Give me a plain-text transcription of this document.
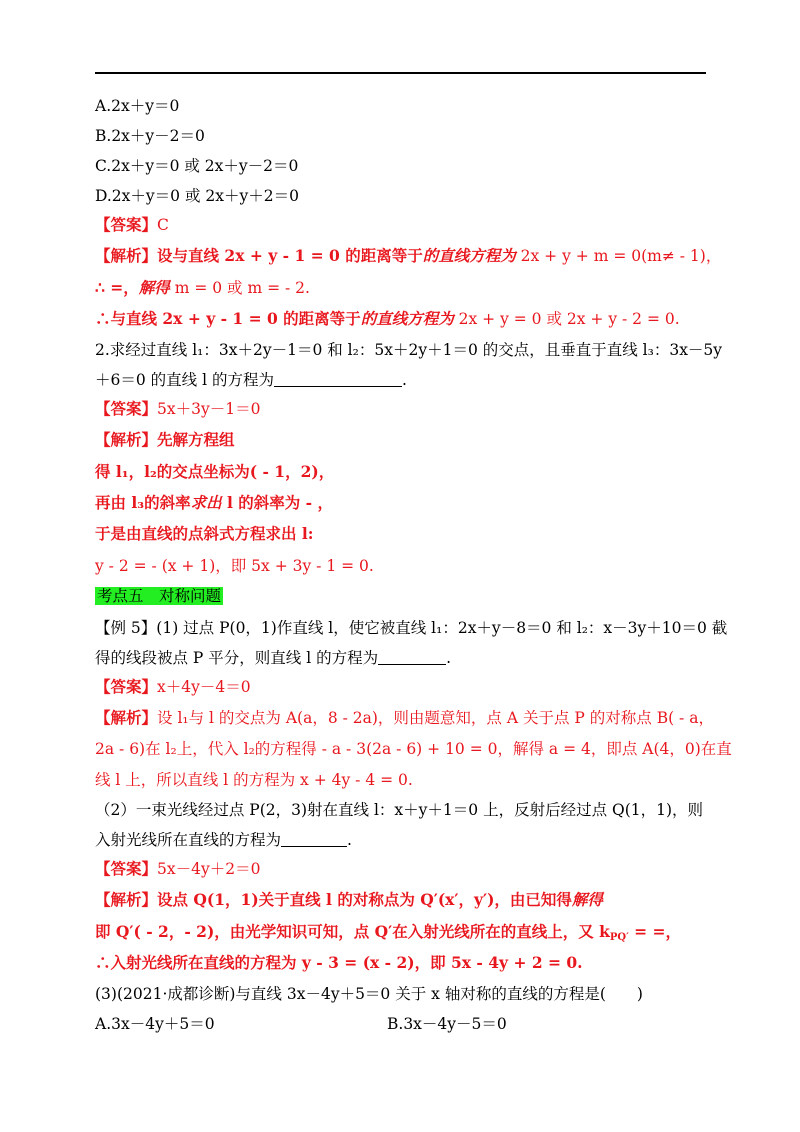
A.2x＋y＝0
B.2x＋y－2＝0
C.2x＋y＝0 或 2x＋y－2＝0
D.2x＋y＝0 或 2x＋y＋2＝0
【答案】C
【解析】设与直线 2x + y - 1 = 0 的距离等于的直线方程为 2x + y + m = 0(m≠ - 1)，
∴ =，解得 m = 0 或 m = - 2.
∴与直线 2x + y - 1 = 0 的距离等于的直线方程为 2x + y = 0 或 2x + y - 2 = 0.
2.求经过直线 l₁：3x＋2y－1＝0 和 l₂：5x＋2y＋1＝0 的交点，且垂直于直线 l₃：3x－5y
＋6＝0 的直线 l 的方程为	.
【答案】5x＋3y－1＝0
【解析】先解方程组
得 l₁，l₂的交点坐标为( - 1，2)，
再由 l₃的斜率求出 l 的斜率为 - ，
于是由直线的点斜式方程求出 l:
y - 2 = - (x + 1)，即 5x + 3y - 1 = 0.
考点五　对称问题
【例 5】(1) 过点 P(0，1)作直线 l，使它被直线 l₁：2x＋y－8＝0 和 l₂：x－3y＋10＝0 截
得的线段被点 P 平分，则直线 l 的方程为	.
【答案】x＋4y－4＝0
【解析】设 l₁与 l 的交点为 A(a，8 - 2a)，则由题意知，点 A 关于点 P 的对称点 B( - a，
2a - 6)在 l₂上，代入 l₂的方程得 - a - 3(2a - 6) + 10 = 0，解得 a = 4，即点 A(4，0)在直
线 l 上，所以直线 l 的方程为 x + 4y - 4 = 0.
（2）一束光线经过点 P(2，3)射在直线 l：x＋y＋1＝0 上，反射后经过点 Q(1，1)，则
入射光线所在直线的方程为	.
【答案】5x－4y＋2＝0
【解析】设点 Q(1，1)关于直线 l 的对称点为 Q′(x′，y′)，由已知得解得
即 Q′( - 2，- 2)，由光学知识可知，点 Q′在入射光线所在的直线上，又 $k_{PQ'}$ = =，
∴入射光线所在直线的方程为 y - 3 = (x - 2)，即 5x - 4y + 2 = 0.
(3)(2021·成都诊断)与直线 3x－4y＋5＝0 关于 x 轴对称的直线的方程是(　　)
A.3x－4y＋5＝0	B.3x－4y－5＝0
